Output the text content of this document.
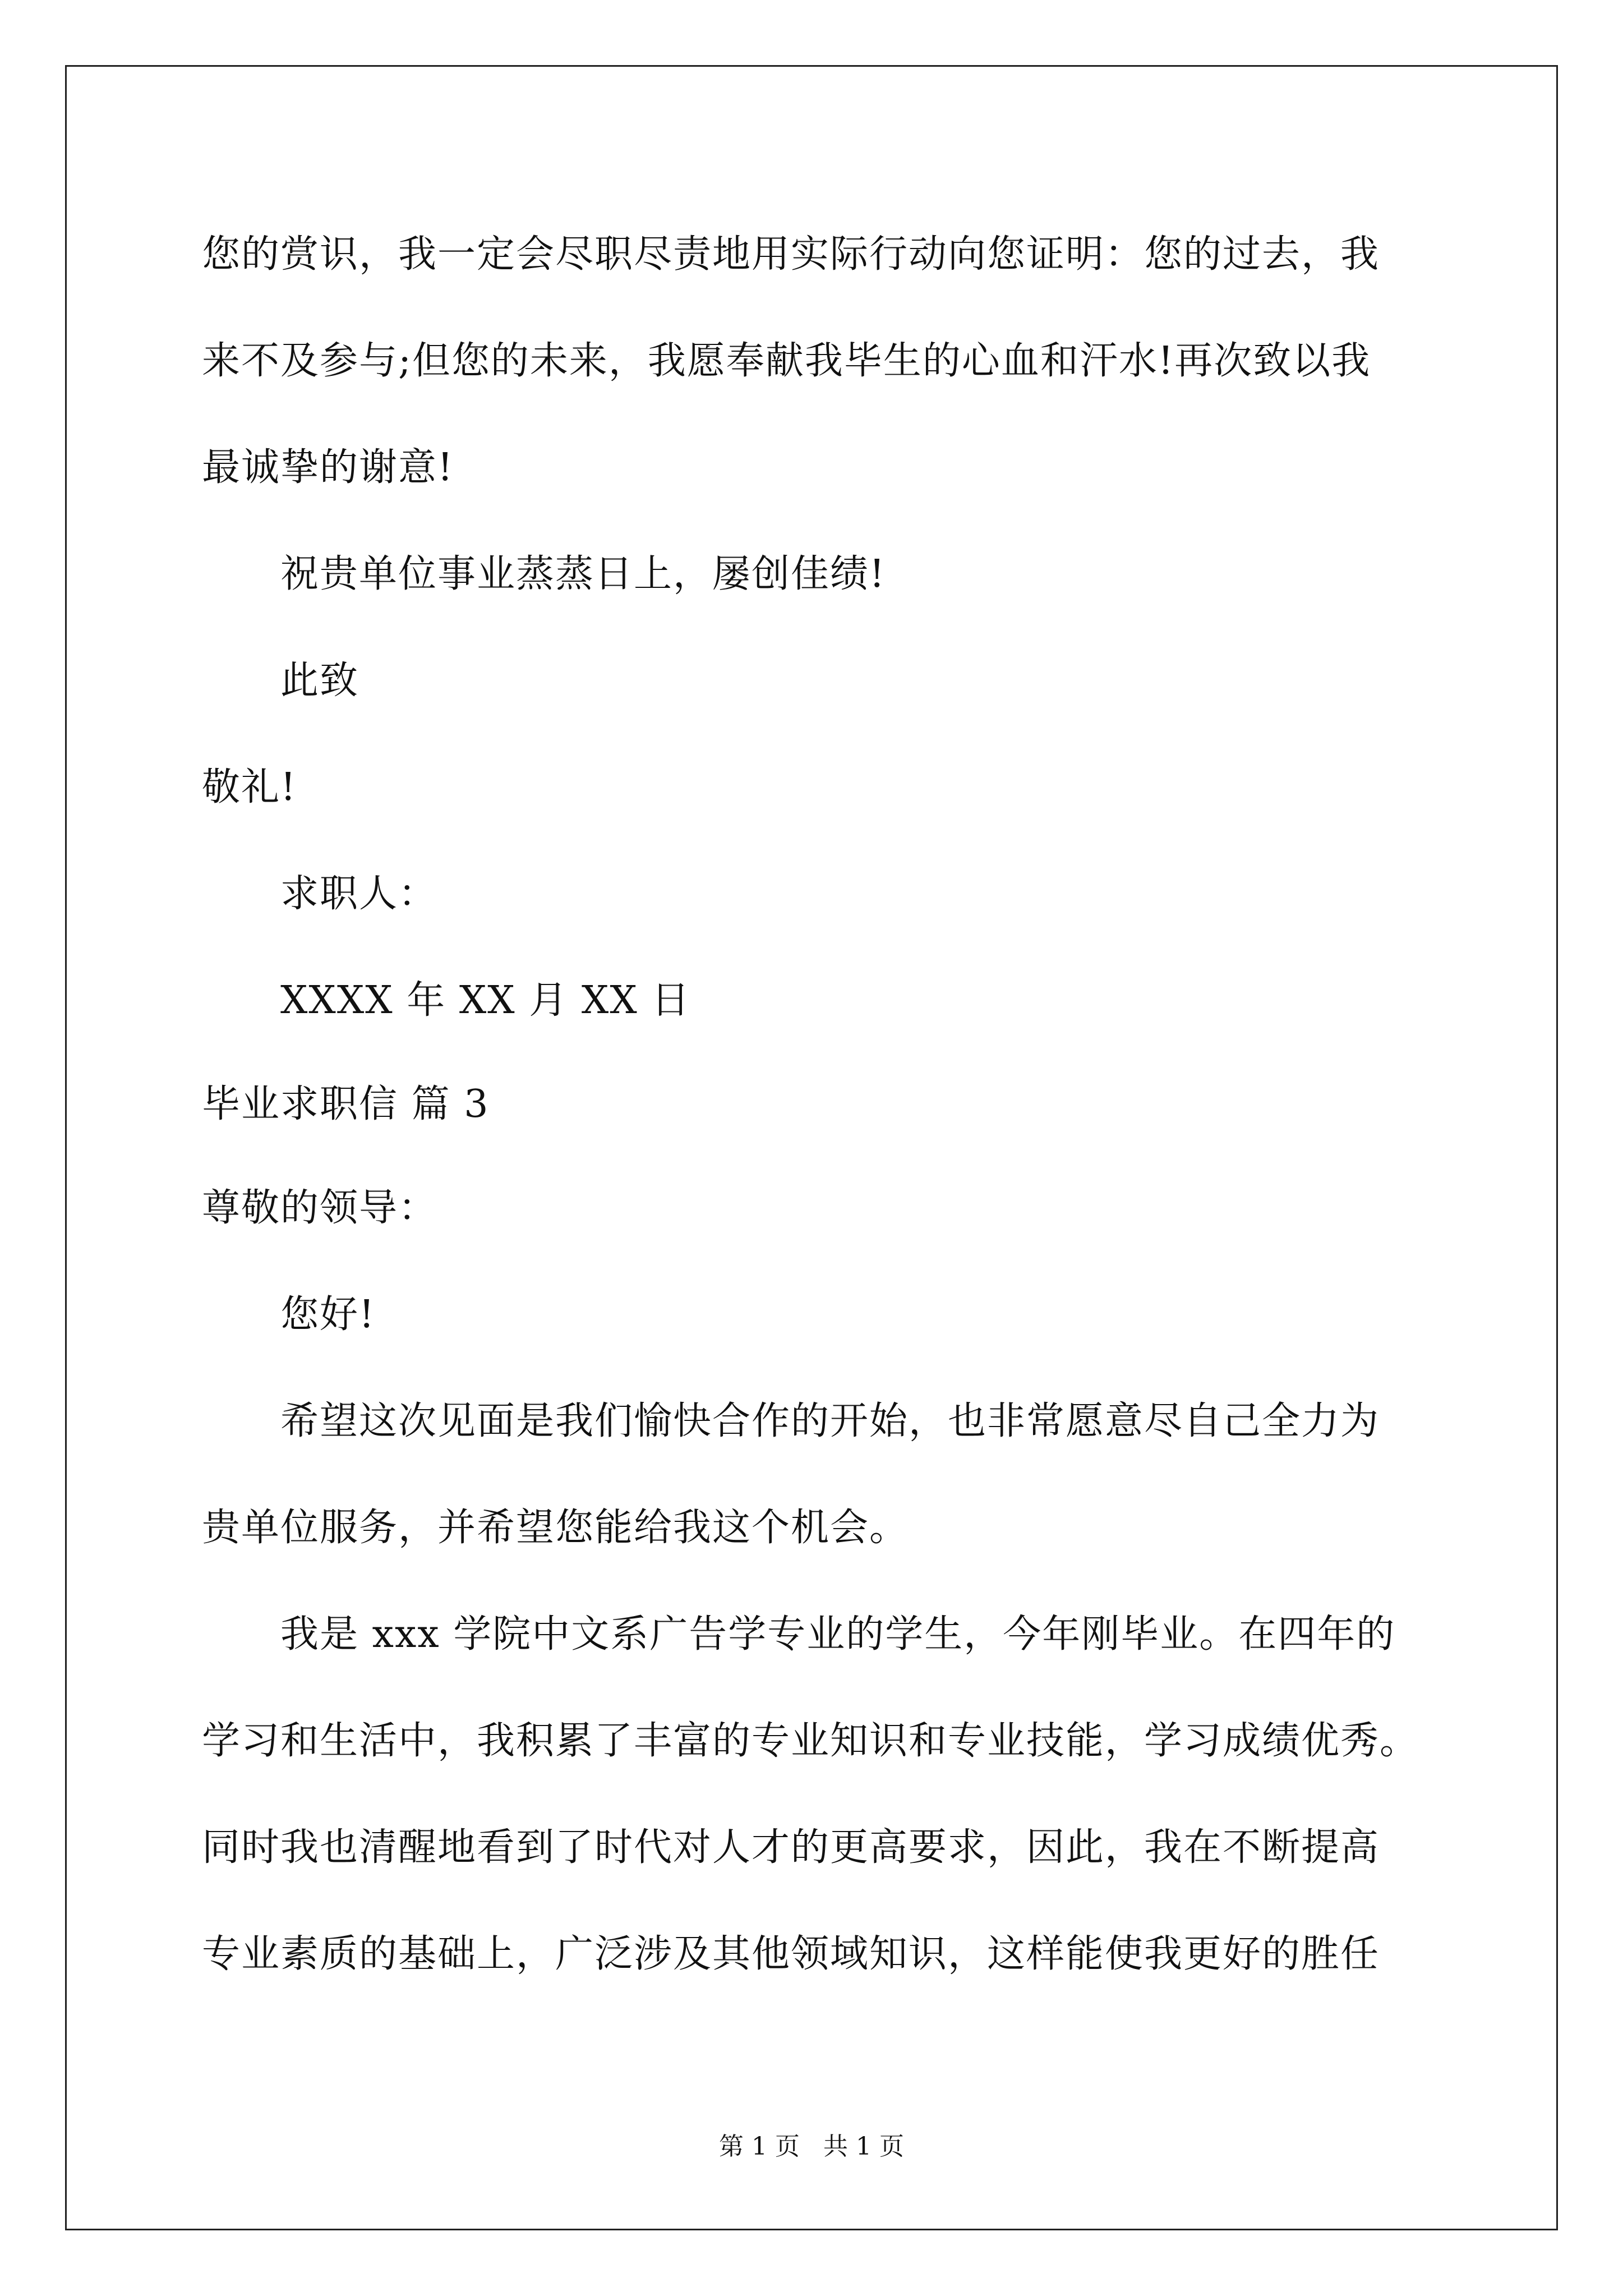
您的赏识，我一定会尽职尽责地用实际行动向您证明：您的过去，我
来不及参与;但您的未来，我愿奉献我毕生的心血和汗水!再次致以我
最诚挚的谢意!
祝贵单位事业蒸蒸日上，屡创佳绩!
此致
敬礼!
求职人：
XXXX 年 XX 月 XX 日
毕业求职信 篇 3
尊敬的领导：
您好!
希望这次见面是我们愉快合作的开始，也非常愿意尽自己全力为
贵单位服务，并希望您能给我这个机会。
我是 xxx 学院中文系广告学专业的学生，今年刚毕业。在四年的
学习和生活中，我积累了丰富的专业知识和专业技能，学习成绩优秀。
同时我也清醒地看到了时代对人才的更高要求，因此，我在不断提高
专业素质的基础上，广泛涉及其他领域知识，这样能使我更好的胜任
第 1 页   共 1 页
